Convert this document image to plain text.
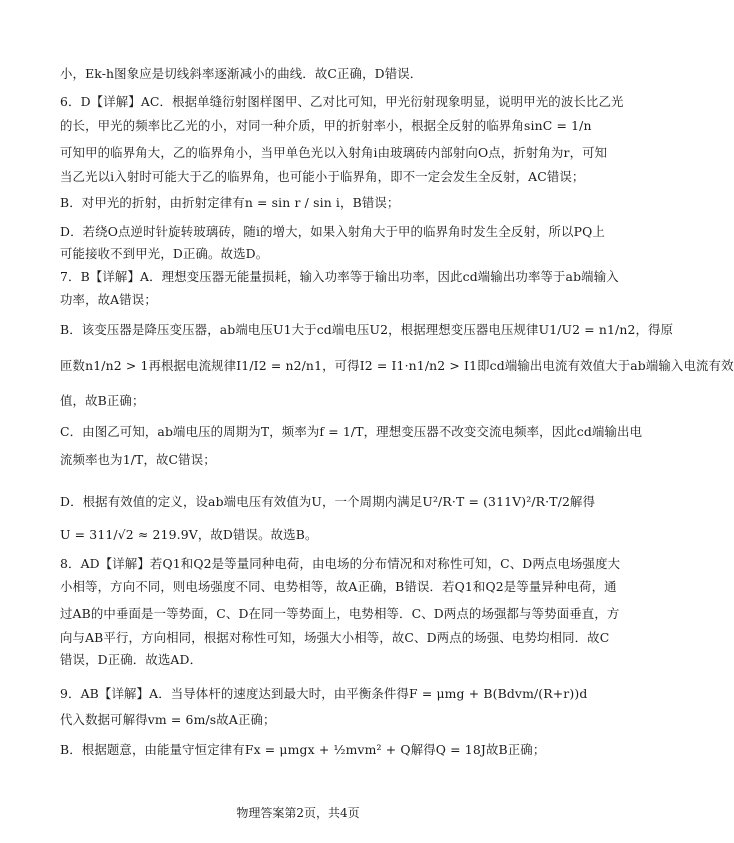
小，Ek-h图象应是切线斜率逐渐减小的曲线．故C正确，D错误．
6．D【详解】AC．根据单缝衍射图样图甲、乙对比可知，甲光衍射现象明显，说明甲光的波长比乙光
的长，甲光的频率比乙光的小，对同一种介质，甲的折射率小，根据全反射的临界角sinC = 1/n
可知甲的临界角大，乙的临界角小，当甲单色光以入射角i由玻璃砖内部射向O点，折射角为r，可知
当乙光以i入射时可能大于乙的临界角，也可能小于临界角，即不一定会发生全反射，AC错误；
B．对甲光的折射，由折射定律有n = sin r / sin i，B错误；
D．若绕O点逆时针旋转玻璃砖，随i的增大，如果入射角大于甲的临界角时发生全反射，所以PQ上
可能接收不到甲光，D正确。故选D。
7．B【详解】A．理想变压器无能量损耗，输入功率等于输出功率，因此cd端输出功率等于ab端输入
功率，故A错误；
B．该变压器是降压变压器，ab端电压U1大于cd端电压U2，根据理想变压器电压规律U1/U2 = n1/n2，得原
匝数n1/n2 > 1再根据电流规律I1/I2 = n2/n1，可得I2 = I1·n1/n2 > I1即cd端输出电流有效值大于ab端输入电流有效
值，故B正确；
C．由图乙可知，ab端电压的周期为T，频率为f = 1/T，理想变压器不改变交流电频率，因此cd端输出电
流频率也为1/T，故C错误；
D．根据有效值的定义，设ab端电压有效值为U，一个周期内满足U²/R·T = (311V)²/R·T/2解得
U = 311/√2 ≈ 219.9V，故D错误。故选B。
8．AD【详解】若Q1和Q2是等量同种电荷，由电场的分布情况和对称性可知，C、D两点电场强度大
小相等，方向不同，则电场强度不同、电势相等，故A正确，B错误．若Q1和Q2是等量异种电荷，通
过AB的中垂面是一等势面，C、D在同一等势面上，电势相等．C、D两点的场强都与等势面垂直，方
向与AB平行，方向相同，根据对称性可知，场强大小相等，故C、D两点的场强、电势均相同．故C
错误，D正确．故选AD．
9．AB【详解】A．当导体杆的速度达到最大时，由平衡条件得F = μmg + B(Bdvm/(R+r))d
代入数据可解得vm = 6m/s故A正确；
B．根据题意，由能量守恒定律有Fx = μmgx + ½mvm² + Q解得Q = 18J故B正确；
物理答案第2页，共4页
